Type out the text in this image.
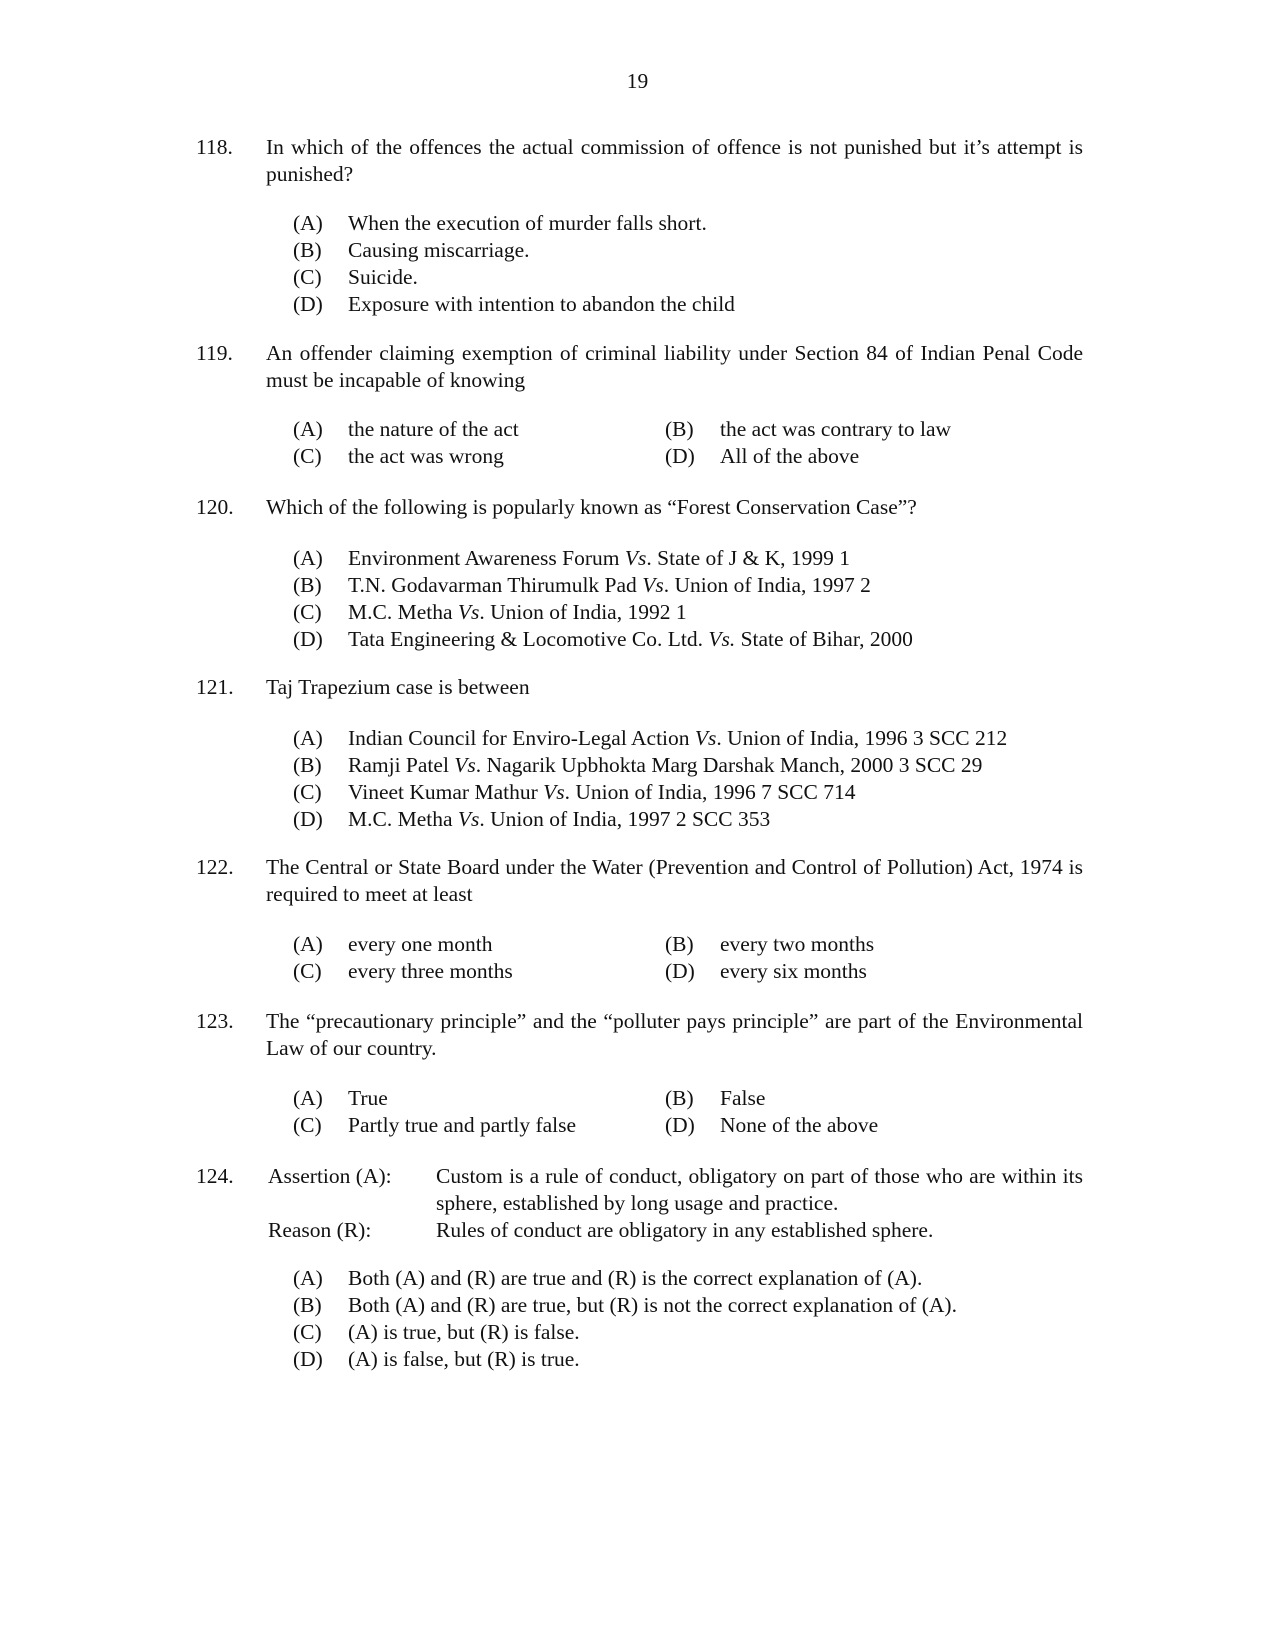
19
118. In which of the offences the actual commission of offence is not punished but it’s attempt is punished?
(A) When the execution of murder falls short.
(B) Causing miscarriage.
(C) Suicide.
(D) Exposure with intention to abandon the child
119. An offender claiming exemption of criminal liability under Section 84 of Indian Penal Code must be incapable of knowing
(A) the nature of the act	(B) the act was contrary to law

(C) the act was wrong	(D) All of the above
120. Which of the following is popularly known as “Forest Conservation Case”?
(A) Environment Awareness Forum Vs. State of J & K, 1999 1
(B) T.N. Godavarman Thirumulk Pad Vs. Union of India, 1997 2
(C) M.C. Metha Vs. Union of India, 1992 1
(D) Tata Engineering & Locomotive Co. Ltd. Vs. State of Bihar, 2000
121. Taj Trapezium case is between
(A) Indian Council for Enviro-Legal Action Vs. Union of India, 1996 3 SCC 212
(B) Ramji Patel Vs. Nagarik Upbhokta Marg Darshak Manch, 2000 3 SCC 29
(C) Vineet Kumar Mathur Vs. Union of India, 1996 7 SCC 714
(D) M.C. Metha Vs. Union of India, 1997 2 SCC 353
122. The Central or State Board under the Water (Prevention and Control of Pollution) Act, 1974 is required to meet at least
(A) every one month	(B) every two months

(C) every three months	(D) every six months
123. The “precautionary principle” and the “polluter pays principle” are part of the Environmental Law of our country.
(A) True	(B) False

(C) Partly true and partly false	(D) None of the above
124. Assertion (A): Custom is a rule of conduct, obligatory on part of those who are within its sphere, established by long usage and practice.
Reason (R):	Rules of conduct are obligatory in any established sphere.
(A) Both (A) and (R) are true and (R) is the correct explanation of (A).
(B) Both (A) and (R) are true, but (R) is not the correct explanation of (A).
(C) (A) is true, but (R) is false.
(D) (A) is false, but (R) is true.
